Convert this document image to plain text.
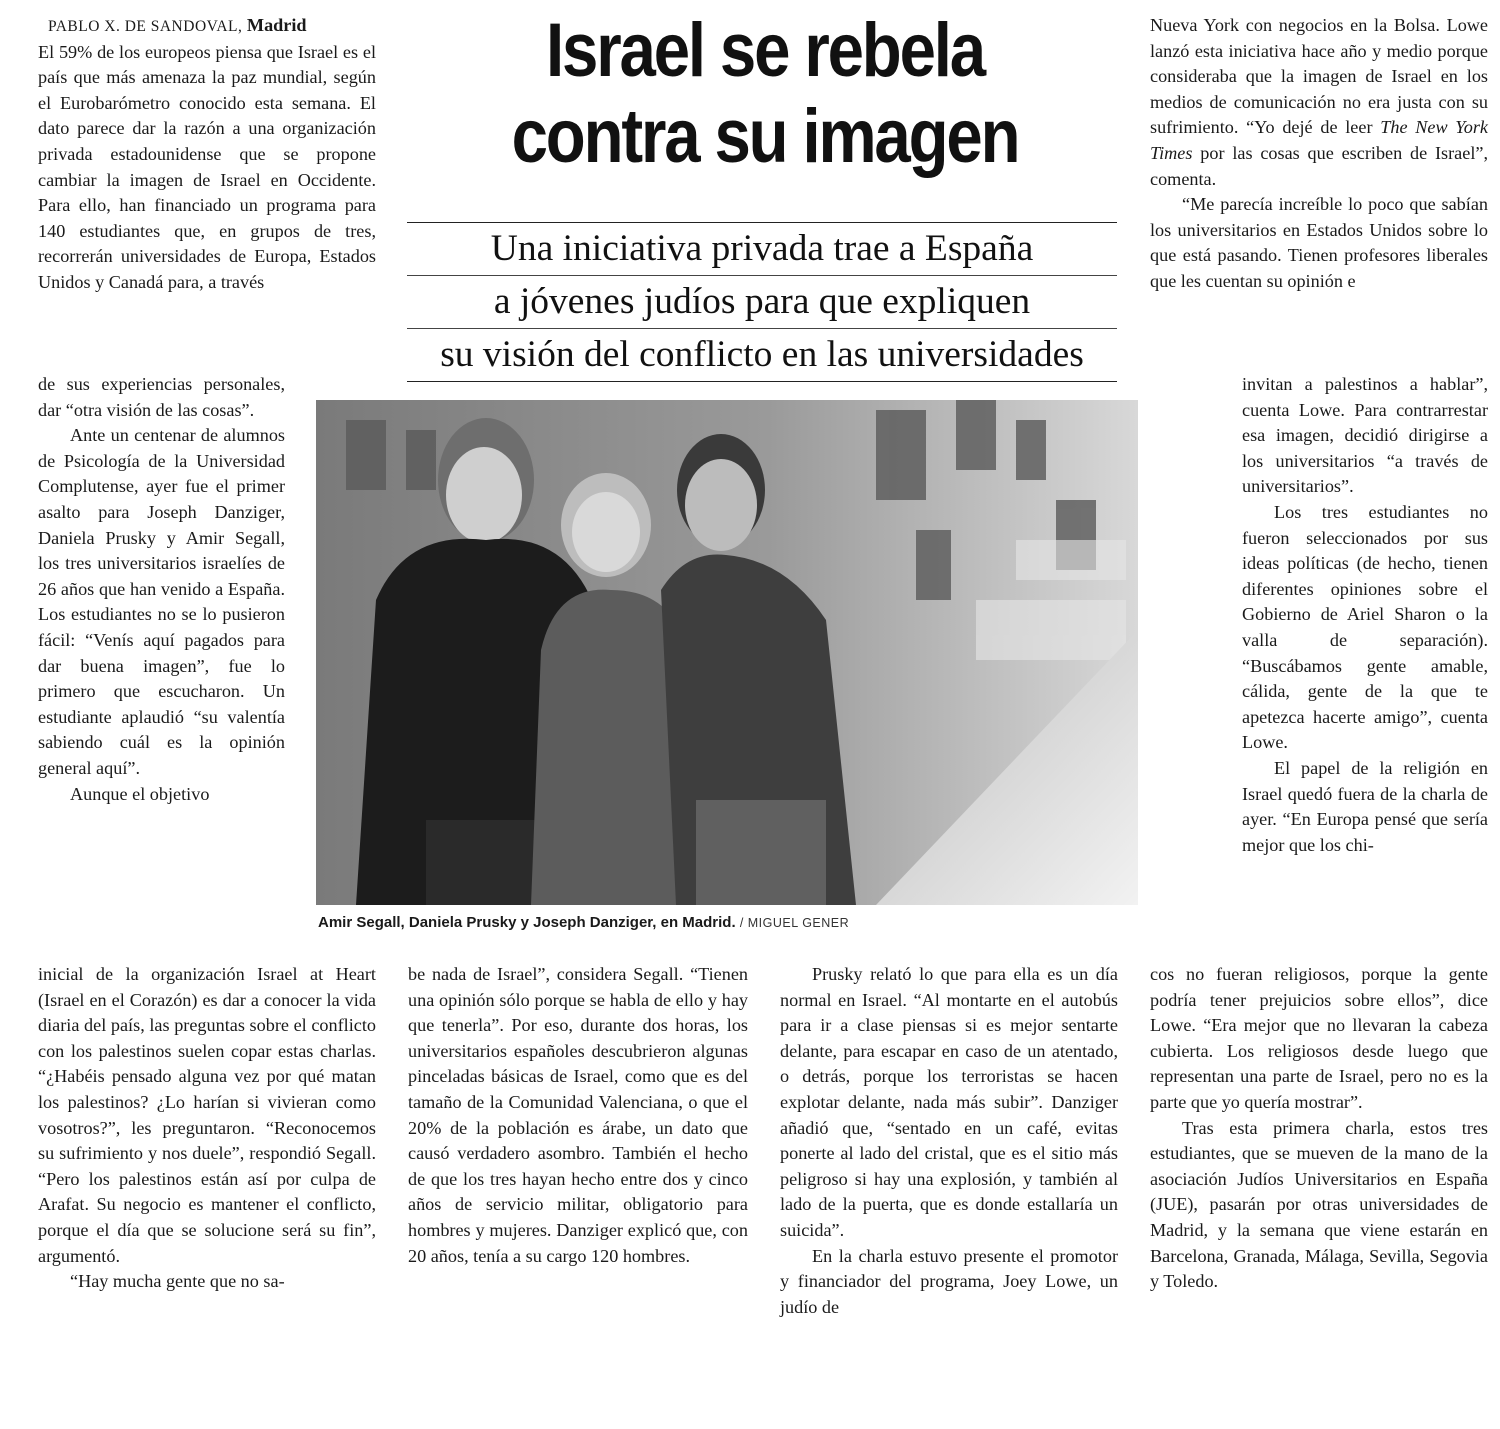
Israel se rebela
contra su imagen
Una iniciativa privada trae a España
a jóvenes judíos para que expliquen
su visión del conflicto en las universidades
Amir Segall, Daniela Prusky y Joseph Danziger, en Madrid. / MIGUEL GENER

PABLO X. DE SANDOVAL, Madrid

El 59% de los europeos piensa que Israel es el país que más amenaza la paz mundial, según el Eurobarómetro conocido esta semana. El dato parece dar la razón a una organización privada estadounidense que se propone cambiar la imagen de Israel en Occidente. Para ello, han financiado un programa para 140 estudiantes que, en grupos de tres, recorrerán universidades de Europa, Estados Unidos y Canadá para, a través

de sus experiencias personales, dar “otra visión de las cosas”.

Ante un centenar de alumnos de Psicología de la Universidad Complutense, ayer fue el primer asalto para Joseph Danziger, Daniela Prusky y Amir Segall, los tres universitarios israelíes de 26 años que han venido a España. Los estudiantes no se lo pusieron fácil: “Venís aquí pagados para dar buena imagen”, fue lo primero que escucharon. Un estudiante aplaudió “su valentía sabiendo cuál es la opinión general aquí”.

Aunque el objetivo

inicial de la organización Israel at Heart (Israel en el Corazón) es dar a conocer la vida diaria del país, las preguntas sobre el conflicto con los palestinos suelen copar estas charlas. “¿Habéis pensado alguna vez por qué matan los palestinos? ¿Lo harían si vivieran como vosotros?”, les preguntaron. “Reconocemos su sufrimiento y nos duele”, respondió Segall. “Pero los palestinos están así por culpa de Arafat. Su negocio es mantener el conflicto, porque el día que se solucione será su fin”, argumentó.

“Hay mucha gente que no sa-

be nada de Israel”, considera Segall. “Tienen una opinión sólo porque se habla de ello y hay que tenerla”. Por eso, durante dos horas, los universitarios españoles descubrieron algunas pinceladas básicas de Israel, como que es del tamaño de la Comunidad Valenciana, o que el 20% de la población es árabe, un dato que causó verdadero asombro. También el hecho de que los tres hayan hecho entre dos y cinco años de servicio militar, obligatorio para hombres y mujeres. Danziger explicó que, con 20 años, tenía a su cargo 120 hombres.

Prusky relató lo que para ella es un día normal en Israel. “Al montarte en el autobús para ir a clase piensas si es mejor sentarte delante, para escapar en caso de un atentado, o detrás, porque los terroristas se hacen explotar delante, nada más subir”. Danziger añadió que, “sentado en un café, evitas ponerte al lado del cristal, que es el sitio más peligroso si hay una explosión, y también al lado de la puerta, que es donde estallaría un suicida”.

En la charla estuvo presente el promotor y financiador del programa, Joey Lowe, un judío de

Nueva York con negocios en la Bolsa. Lowe lanzó esta iniciativa hace año y medio porque consideraba que la imagen de Israel en los medios de comunicación no era justa con su sufrimiento. “Yo dejé de leer The New York Times por las cosas que escriben de Israel”, comenta.

“Me parecía increíble lo poco que sabían los universitarios en Estados Unidos sobre lo que está pasando. Tienen profesores liberales que les cuentan su opinión e

invitan a palestinos a hablar”, cuenta Lowe. Para contrarrestar esa imagen, decidió dirigirse a los universitarios “a través de universitarios”.

Los tres estudiantes no fueron seleccionados por sus ideas políticas (de hecho, tienen diferentes opiniones sobre el Gobierno de Ariel Sharon o la valla de separación). “Buscábamos gente amable, cálida, gente de la que te apetezca hacerte amigo”, cuenta Lowe.

El papel de la religión en Israel quedó fuera de la charla de ayer. “En Europa pensé que sería mejor que los chi-

cos no fueran religiosos, porque la gente podría tener prejuicios sobre ellos”, dice Lowe. “Era mejor que no llevaran la cabeza cubierta. Los religiosos desde luego que representan una parte de Israel, pero no es la parte que yo quería mostrar”.

Tras esta primera charla, estos tres estudiantes, que se mueven de la mano de la asociación Judíos Universitarios en España (JUE), pasarán por otras universidades de Madrid, y la semana que viene estarán en Barcelona, Granada, Málaga, Sevilla, Segovia y Toledo.
